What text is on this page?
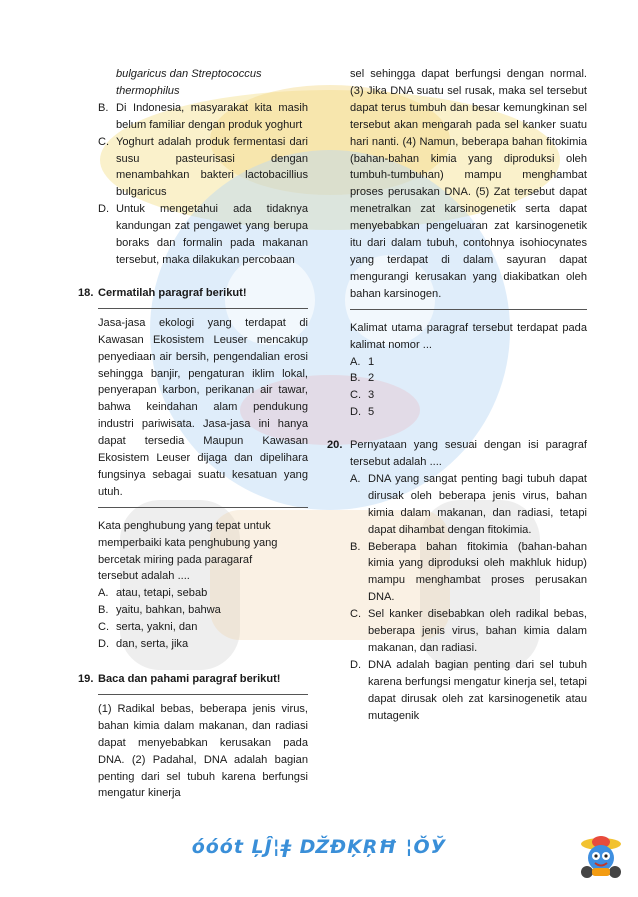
bulgaricus dan Streptococcus
thermophilus
B. Di Indonesia, masyarakat kita masih belum familiar dengan produk yoghurt
C. Yoghurt adalah produk fermentasi dari susu pasteurisasi dengan menambahkan bakteri lactobacillius bulgaricus
D. Untuk mengetahui ada tidaknya kandungan zat pengawet yang berupa boraks dan formalin pada makanan tersebut, maka dilakukan percobaan
18. Cermatilah paragraf berikut!
Jasa-jasa ekologi yang terdapat di Kawasan Ekosistem Leuser mencakup penyediaan air bersih, pengendalian erosi sehingga banjir, pengaturan iklim lokal, penyerapan karbon, perikanan air tawar, bahwa keindahan alam pendukung industri pariwisata. Jasa-jasa ini hanya dapat tersedia Maupun Kawasan Ekosistem Leuser dijaga dan dipelihara fungsinya sebagai suatu kesatuan yang utuh.
Kata penghubung yang tepat untuk
memperbaiki kata penghubung yang
bercetak miring pada paragaraf
tersebut adalah ....
A. atau, tetapi, sebab
B. yaitu, bahkan, bahwa
C. serta, yakni, dan
D. dan, serta, jika
19. Baca dan pahami paragraf berikut!
(1) Radikal bebas, beberapa jenis virus, bahan kimia dalam makanan, dan radiasi dapat menyebabkan kerusakan pada DNA. (2) Padahal, DNA adalah bagian penting dari sel tubuh karena berfungsi mengatur kinerja
sel sehingga dapat berfungsi dengan normal. (3) Jika DNA suatu sel rusak, maka sel tersebut dapat terus tumbuh dan besar kemungkinan sel tersebut akan mengarah pada sel kanker suatu hari nanti. (4) Namun, beberapa bahan fitokimia (bahan-bahan kimia yang diproduksi oleh tumbuh-tumbuhan) mampu menghambat proses perusakan DNA. (5) Zat tersebut dapat menetralkan zat karsinogenetik serta dapat menyebabkan pengeluaran zat karsinogenetik itu dari dalam tubuh, contohnya isohiocynates yang terdapat di dalam sayuran dapat mengurangi kerusakan yang diakibatkan oleh bahan karsinogen.
Kalimat utama paragraf tersebut terdapat pada kalimat nomor ...
A. 1
B. 2
C. 3
D. 5
20. Pernyataan yang sesuai dengan isi paragraf tersebut adalah ....
A. DNA yang sangat penting bagi tubuh dapat dirusak oleh beberapa jenis virus, bahan kimia dalam makanan, dan radiasi, tetapi dapat dihambat dengan fitokimia.
B. Beberapa bahan fitokimia (bahan-bahan kimia yang diproduksi oleh makhluk hidup) mampu menghambat proses perusakan DNA.
C. Sel kanker disebabkan oleh radikal bebas, beberapa jenis virus, bahan kimia dalam makanan, dan radiasi.
D. DNA adalah bagian penting dari sel tubuh karena berfungsi mengatur kinerja sel, tetapi dapat dirusak oleh zat karsinogenetik atau mutagenik
óóót ĻĴ¦ǂ ǄĐĶŖĦ ¦ǑЎ
